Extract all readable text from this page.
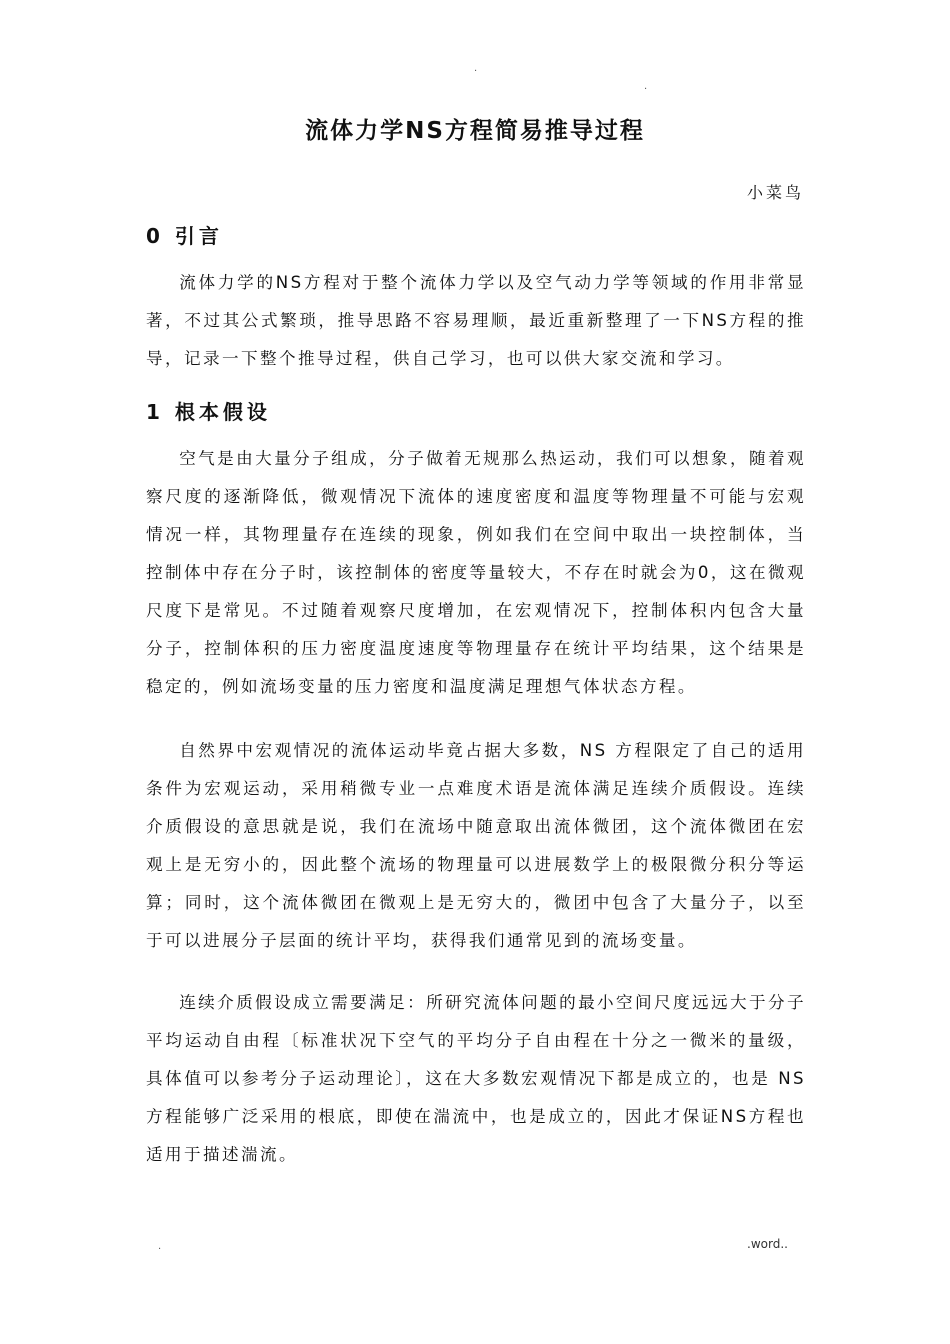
.
.
流体力学NS方程简易推导过程

小菜鸟

0 引言

流体力学的NS方程对于整个流体力学以及空气动力学等领域的作用非常显著，不过其公式繁琐，推导思路不容易理顺，最近重新整理了一下NS方程的推导，记录一下整个推导过程，供自己学习，也可以供大家交流和学习。

1 根本假设

空气是由大量分子组成，分子做着无规那么热运动，我们可以想象，随着观察尺度的逐渐降低，微观情况下流体的速度密度和温度等物理量不可能与宏观情况一样，其物理量存在连续的现象，例如我们在空间中取出一块控制体，当控制体中存在分子时，该控制体的密度等量较大，不存在时就会为0，这在微观尺度下是常见。不过随着观察尺度增加，在宏观情况下，控制体积内包含大量分子，控制体积的压力密度温度速度等物理量存在统计平均结果，这个结果是稳定的，例如流场变量的压力密度和温度满足理想气体状态方程。

自然界中宏观情况的流体运动毕竟占据大多数，NS 方程限定了自己的适用条件为宏观运动，采用稍微专业一点难度术语是流体满足连续介质假设。连续介质假设的意思就是说，我们在流场中随意取出流体微团，这个流体微团在宏观上是无穷小的，因此整个流场的物理量可以进展数学上的极限微分积分等运算；同时，这个流体微团在微观上是无穷大的，微团中包含了大量分子，以至于可以进展分子层面的统计平均，获得我们通常见到的流场变量。

连续介质假设成立需要满足：所研究流体问题的最小空间尺度远远大于分子平均运动自由程〔标准状况下空气的平均分子自由程在十分之一微米的量级，具体值可以参考分子运动理论〕，这在大多数宏观情况下都是成立的，也是 NS 方程能够广泛采用的根底，即使在湍流中，也是成立的，因此才保证NS方程也适用于描述湍流。

.	.word..
